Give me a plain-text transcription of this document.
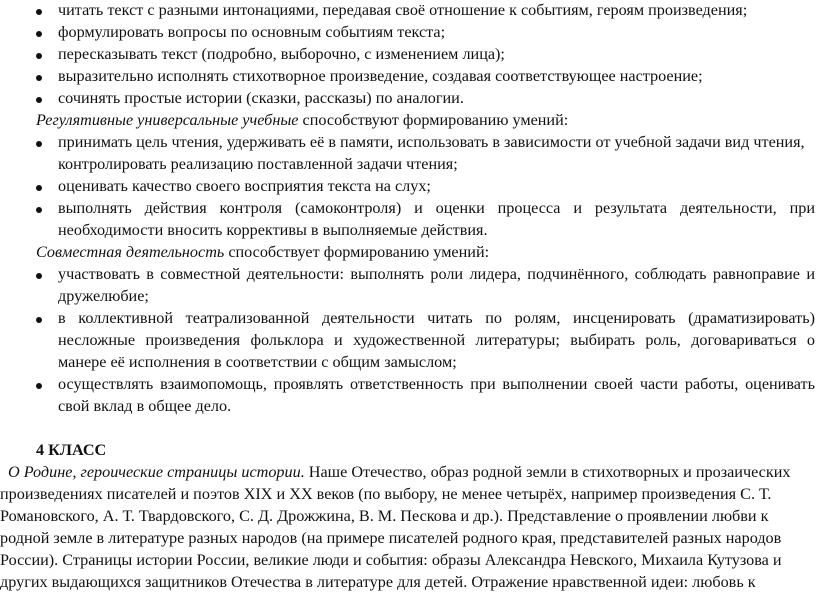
читать текст с разными интонациями, передавая своё отношение к событиям, героям произведения;
формулировать вопросы по основным событиям текста;
пересказывать текст (подробно, выборочно, с изменением лица);
выразительно исполнять стихотворное произведение, создавая соответствующее настроение;
сочинять простые истории (сказки, рассказы) по аналогии.
Регулятивные универсальные учебные способствуют формированию умений:
принимать цель чтения, удерживать её в памяти, использовать в зависимости от учебной задачи вид чтения,
контролировать реализацию поставленной задачи чтения;
оценивать качество своего восприятия текста на слух;
выполнять действия контроля (самоконтроля) и оценки процесса и результата деятельности, при
необходимости вносить коррективы в выполняемые действия.
Совместная деятельность способствует формированию умений:
участвовать в совместной деятельности: выполнять роли лидера, подчинённого, соблюдать равноправие и
дружелюбие;
в коллективной театрализованной деятельности читать по ролям, инсценировать (драматизировать)
несложные произведения фольклора и художественной литературы; выбирать роль, договариваться о
манере её исполнения в соответствии с общим замыслом;
осуществлять взаимопомощь, проявлять ответственность при выполнении своей части работы, оценивать
свой вклад в общее дело.
4 КЛАСС
О Родине, героические страницы истории. Наше Отечество, образ родной земли в стихотворных и прозаических
произведениях писателей и поэтов XIX и XX веков (по выбору, не менее четырёх, например произведения С. Т.
Романовского, А. Т. Твардовского, С. Д. Дрожжина, В. М. Пескова и др.). Представление о проявлении любви к
родной земле в литературе разных народов (на примере писателей родного края, представителей разных народов
России). Страницы истории России, великие люди и события: образы Александра Невского, Михаила Кутузова и
других выдающихся защитников Отечества в литературе для детей. Отражение нравственной идеи: любовь к
